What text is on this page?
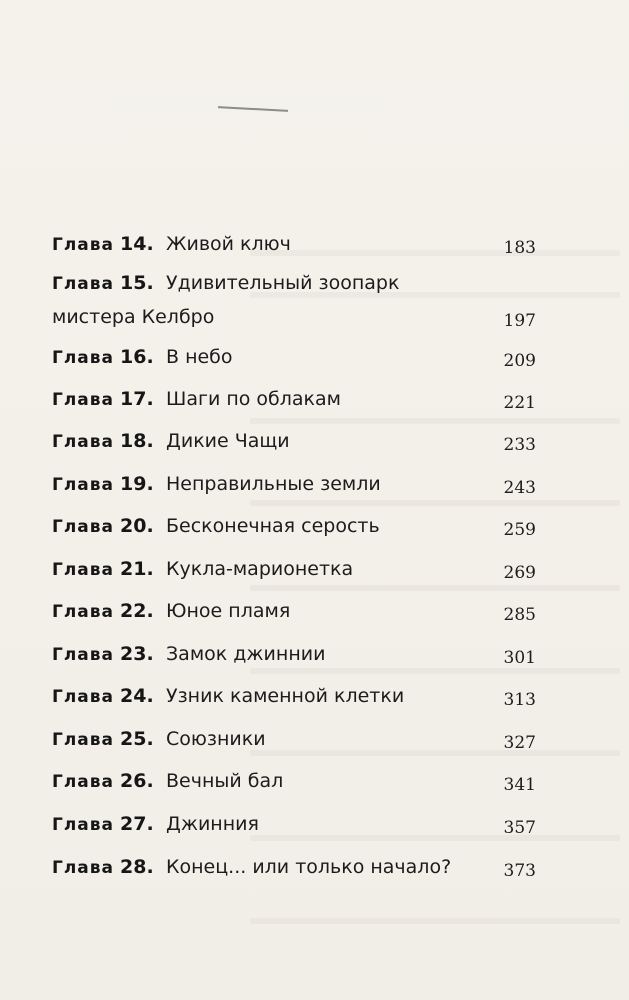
Глава 14. Живой ключ	183
Глава 15. Удивительный зоопарк
мистера Келбро	197
Глава 16. В небо	209
Глава 17. Шаги по облакам	221
Глава 18. Дикие Чащи	233
Глава 19. Неправильные земли	243
Глава 20. Бесконечная серость	259
Глава 21. Кукла-марионетка	269
Глава 22. Юное пламя	285
Глава 23. Замок джиннии	301
Глава 24. Узник каменной клетки	313
Глава 25. Союзники	327
Глава 26. Вечный бал	341
Глава 27. Джинния	357
Глава 28. Конец... или только начало?	373
